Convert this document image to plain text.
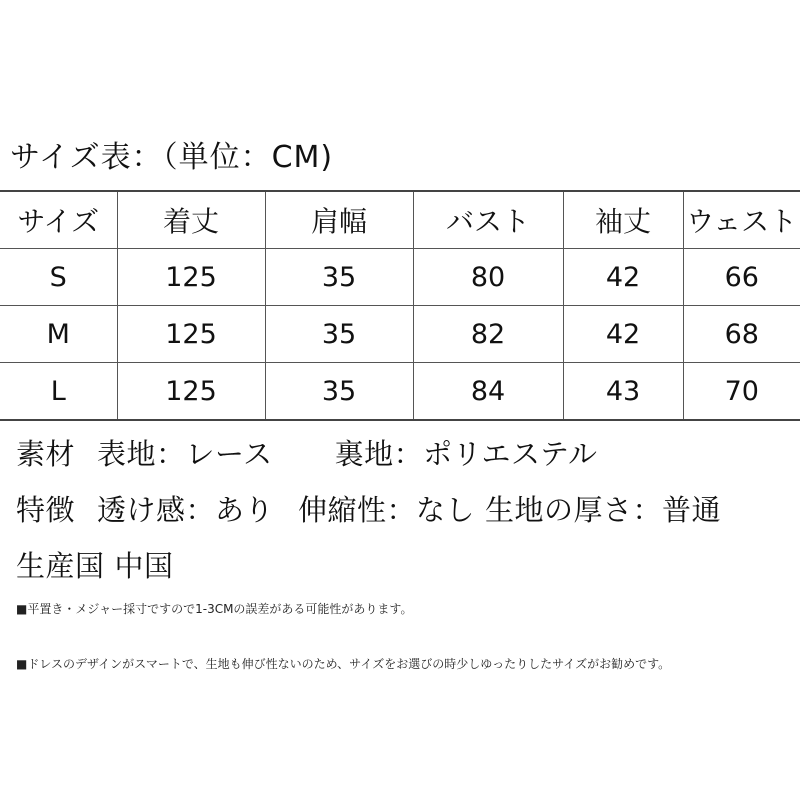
サイズ表：（単位：CM)
サイズ	着丈	肩幅	バスト	袖丈	ウェスト
S	125	35	80	42	66
M	125	35	82	42	68
L	125	35	84	43	70
素材 表地：レース 裏地：ポリエステル
特徴 透け感：あり 伸縮性：なし 生地の厚さ：普通
生産国 中国
■平置き・メジャー採寸ですので1-3CMの誤差がある可能性があります。
■ドレスのデザインがスマートで、生地も伸び性ないのため、サイズをお選びの時少しゆったりしたサイズがお勧めです。
